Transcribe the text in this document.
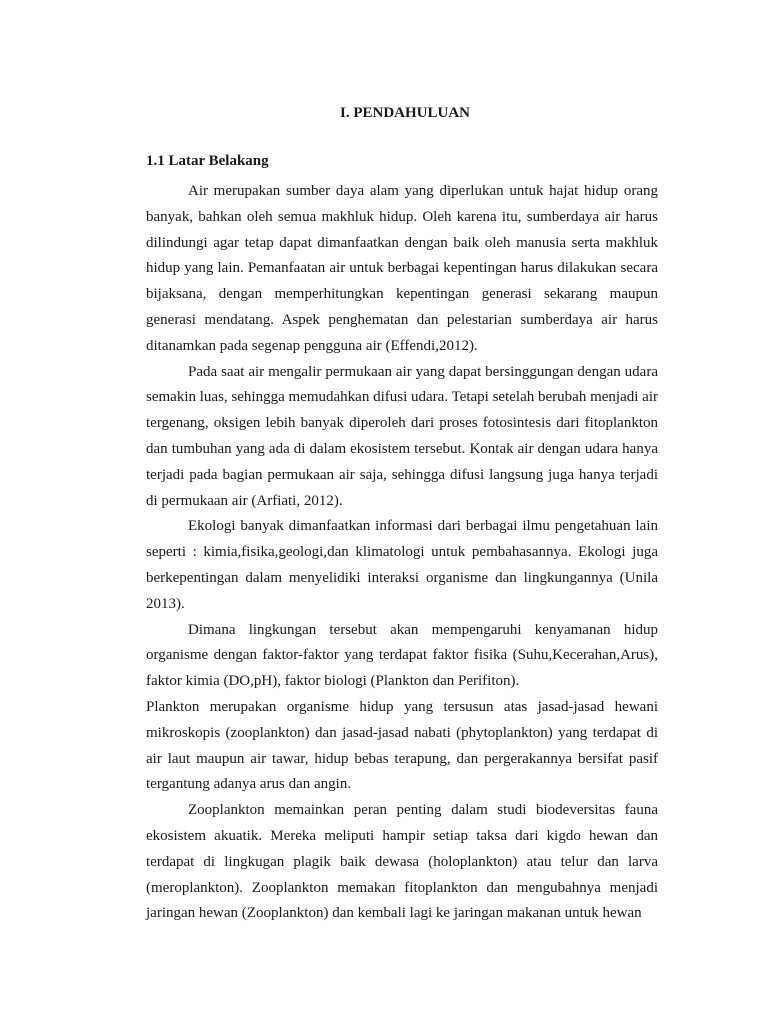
I. PENDAHULUAN
1.1 Latar Belakang

Air merupakan sumber daya alam yang diperlukan untuk hajat hidup orang banyak, bahkan oleh semua makhluk hidup. Oleh karena itu, sumberdaya air harus dilindungi agar tetap dapat dimanfaatkan dengan baik oleh manusia serta makhluk hidup yang lain. Pemanfaatan air untuk berbagai kepentingan harus dilakukan secara bijaksana, dengan memperhitungkan kepentingan generasi sekarang maupun generasi mendatang. Aspek penghematan dan pelestarian sumberdaya air harus ditanamkan pada segenap pengguna air (Effendi,2012).

Pada saat air mengalir permukaan air yang dapat bersinggungan dengan udara semakin luas, sehingga memudahkan difusi udara. Tetapi setelah berubah menjadi air tergenang, oksigen lebih banyak diperoleh dari proses fotosintesis dari fitoplankton dan tumbuhan yang ada di dalam ekosistem tersebut. Kontak air dengan udara hanya terjadi pada bagian permukaan air saja, sehingga difusi langsung juga hanya terjadi di permukaan air (Arfiati, 2012).

Ekologi banyak dimanfaatkan informasi dari berbagai ilmu pengetahuan lain seperti : kimia,fisika,geologi,dan klimatologi untuk pembahasannya. Ekologi juga berkepentingan dalam menyelidiki interaksi organisme dan lingkungannya (Unila 2013).

Dimana lingkungan tersebut akan mempengaruhi kenyamanan hidup organisme dengan faktor-faktor yang terdapat faktor fisika (Suhu,Kecerahan,Arus), faktor kimia (DO,pH), faktor biologi (Plankton dan Perifiton).

Plankton merupakan organisme hidup yang tersusun atas jasad-jasad hewani mikroskopis (zooplankton) dan jasad-jasad nabati (phytoplankton) yang terdapat di air laut maupun air tawar, hidup bebas terapung, dan pergerakannya bersifat pasif tergantung adanya arus dan angin.

Zooplankton memainkan peran penting dalam studi biodeversitas fauna ekosistem akuatik. Mereka meliputi hampir setiap taksa dari kigdo hewan dan terdapat di lingkugan plagik baik dewasa (holoplankton) atau telur dan larva (meroplankton). Zooplankton memakan fitoplankton dan mengubahnya menjadi jaringan hewan (Zooplankton) dan kembali lagi ke jaringan makanan untuk hewan
